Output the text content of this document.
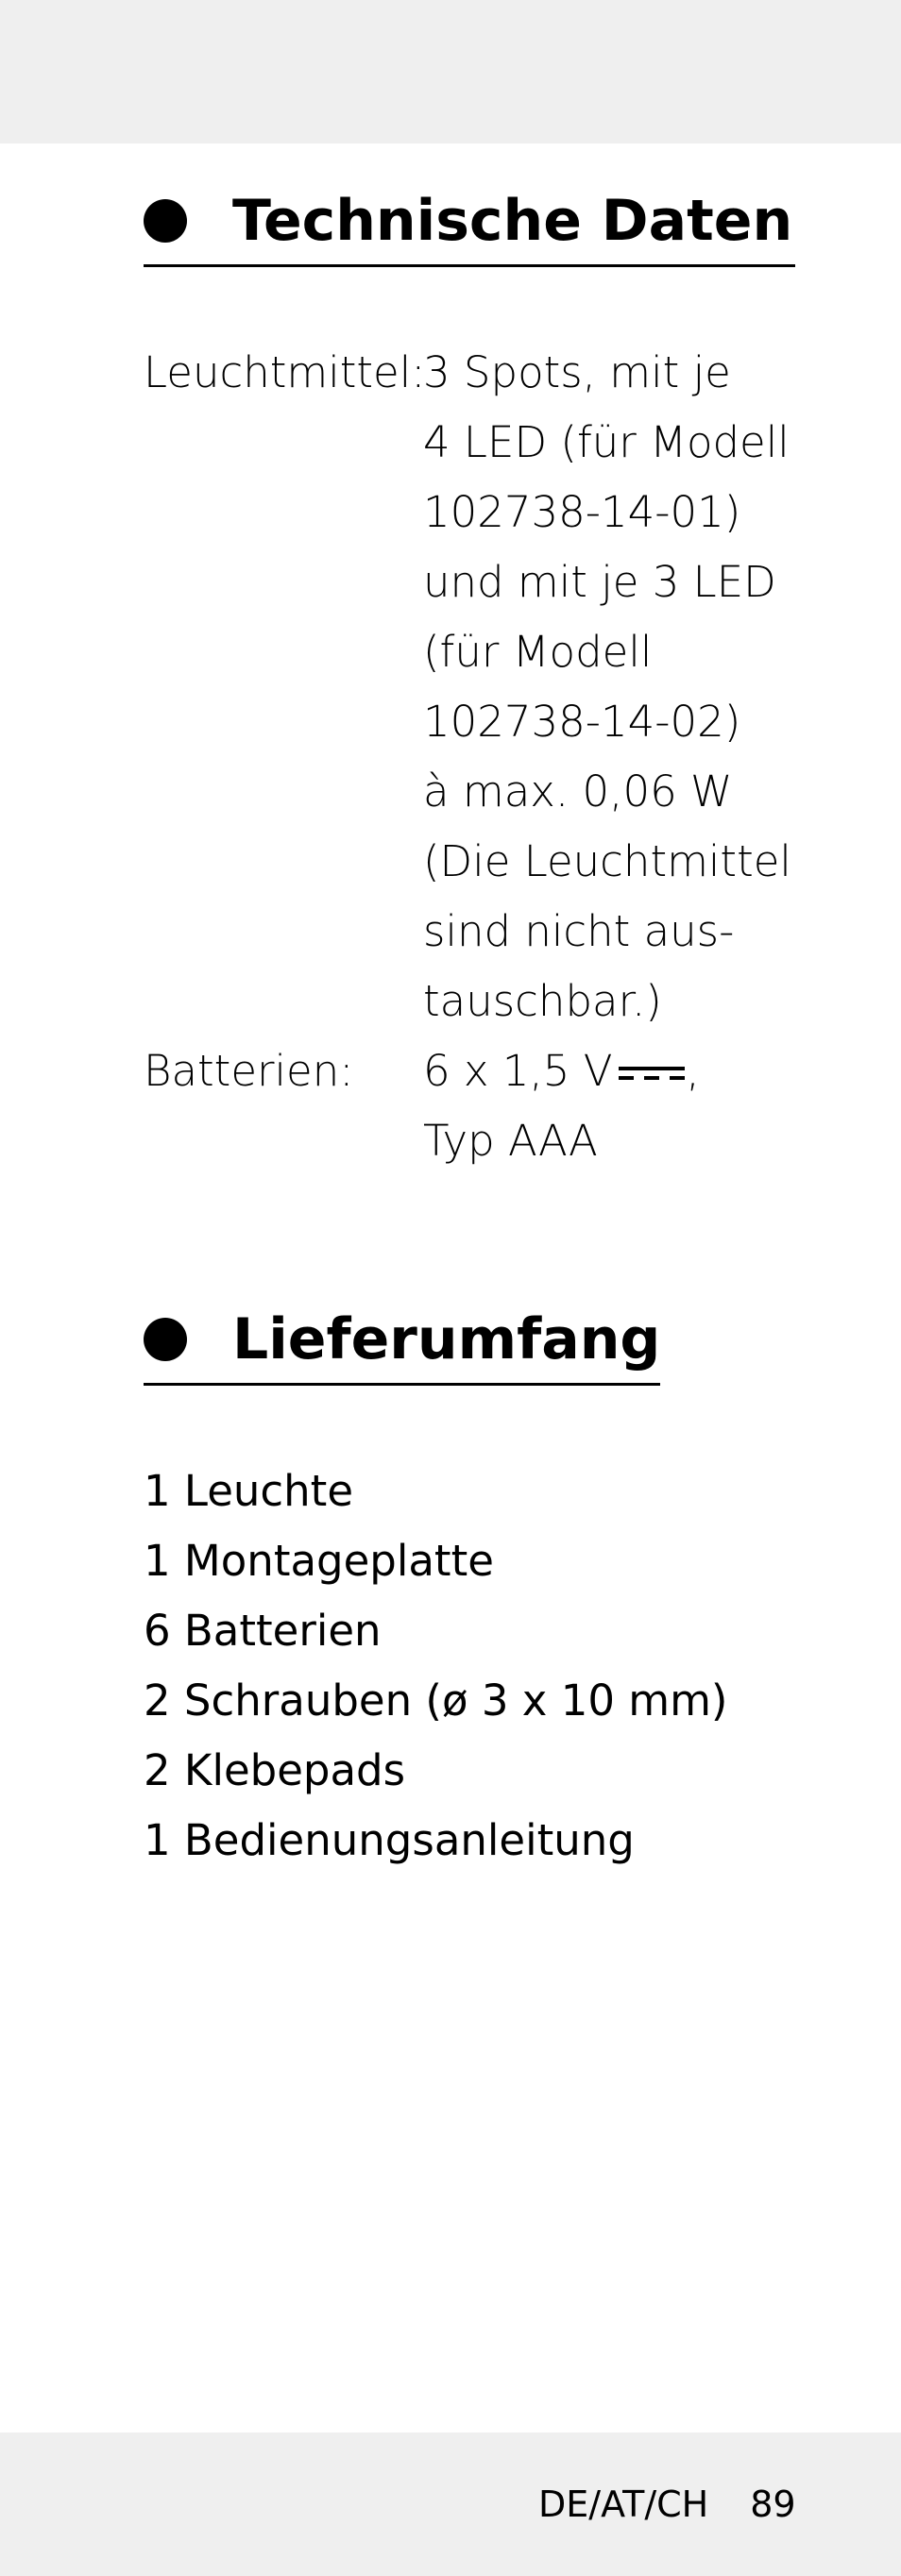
Technische Daten
Leuchtmittel:
3 Spots, mit je
4 LED (für Modell
102738-14-01)
und mit je 3 LED
(für Modell
102738-14-02)
à max. 0,06 W
(Die Leuchtmittel
sind nicht aus-
tauschbar.)
Batterien:	6 x 1,5 V ,
Typ AAA
Lieferumfang
1 Leuchte
1 Montageplatte
6 Batterien
2 Schrauben (ø 3 x 10 mm)
2 Klebepads
1 Bedienungsanleitung
DE/AT/CH 89
